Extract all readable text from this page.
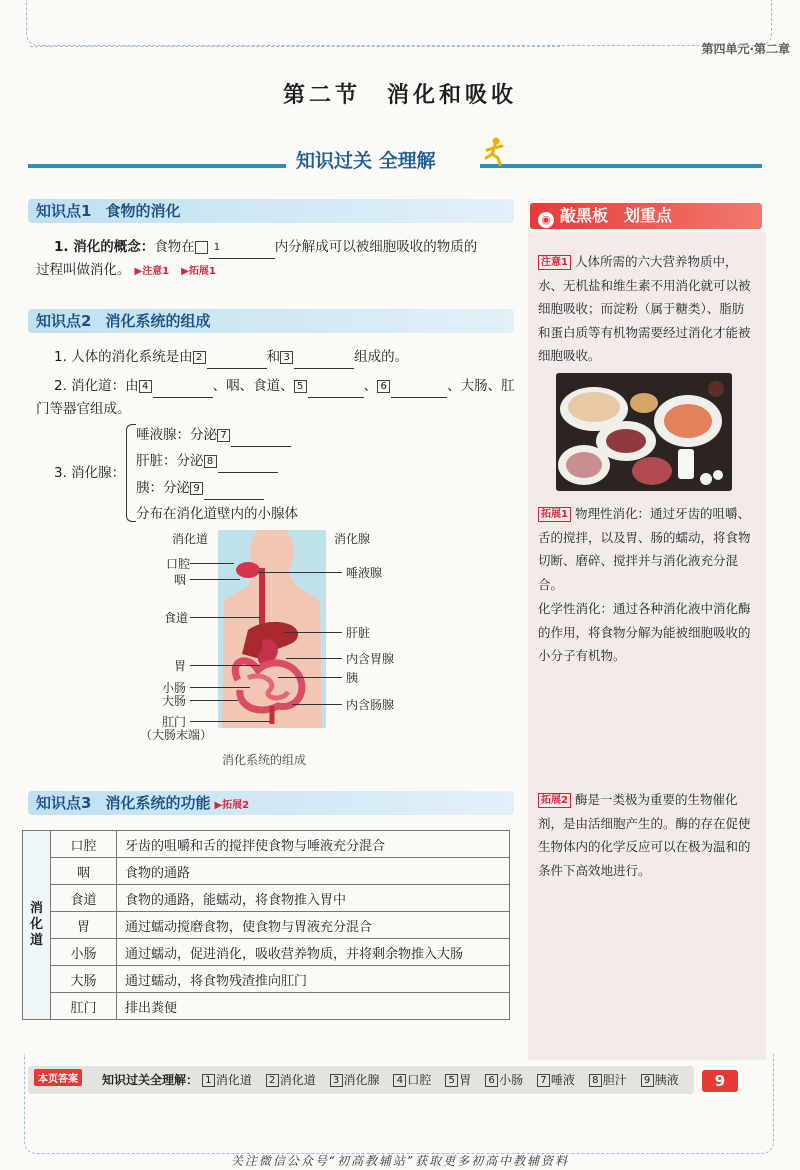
第四单元·第二章
第二节　消化和吸收
知识过关 全理解
知识点1 食物的消化
1. 消化的概念：食物在 1	内分解成可以被细胞吸收的物质的
过程叫做消化。 ▶注意1 ▶拓展1
知识点2 消化系统的组成
1. 人体的消化系统是由 2	和 3	组成的。
2. 消化道：由 4	、咽、食道、 5	、 6	、大肠、肛
门等器官组成。
3. 消化腺：
唾液腺：分泌 7
肝脏：分泌 8
胰：分泌 9
分布在消化道壁内的小腺体
消化道	消化腺
口腔
咽
食道
胃
小肠
大肠
肛门
（大肠末端）
唾液腺
肝脏
内含胃腺
胰
内含肠腺
消化系统的组成
知识点3 消化系统的功能 ▶拓展2
消化道	口腔	牙齿的咀嚼和舌的搅拌使食物与唾液充分混合
	咽	食物的通路
	食道	食物的通路，能蠕动，将食物推入胃中
	胃	通过蠕动搅磨食物，使食物与胃液充分混合
	小肠	通过蠕动，促进消化，吸收营养物质，并将剩余物推入大肠
	大肠	通过蠕动，将食物残渣推向肛门
	肛门	排出粪便
◉ 敲黑板　划重点
注意1 人体所需的六大营养物质中，水、无机盐和维生素不用消化就可以被细胞吸收；而淀粉（属于糖类）、脂肪和蛋白质等有机物需要经过消化才能被细胞吸收。
拓展1 物理性消化：通过牙齿的咀嚼、舌的搅拌，以及胃、肠的蠕动，将食物切断、磨碎、搅拌并与消化液充分混合。
化学性消化：通过各种消化液中消化酶的作用，将食物分解为能被细胞吸收的小分子有机物。
拓展2 酶是一类极为重要的生物催化剂，是由活细胞产生的。酶的存在促使生物体内的化学反应可以在极为温和的条件下高效地进行。
知识过关全理解： 1 消化道 2 消化道 3 消化腺 4 口腔 5 胃 6 小肠 7 唾液 8 胆汁 9 胰液
本页答案	9
关注微信公众号“初高教辅站”获取更多初高中教辅资料
